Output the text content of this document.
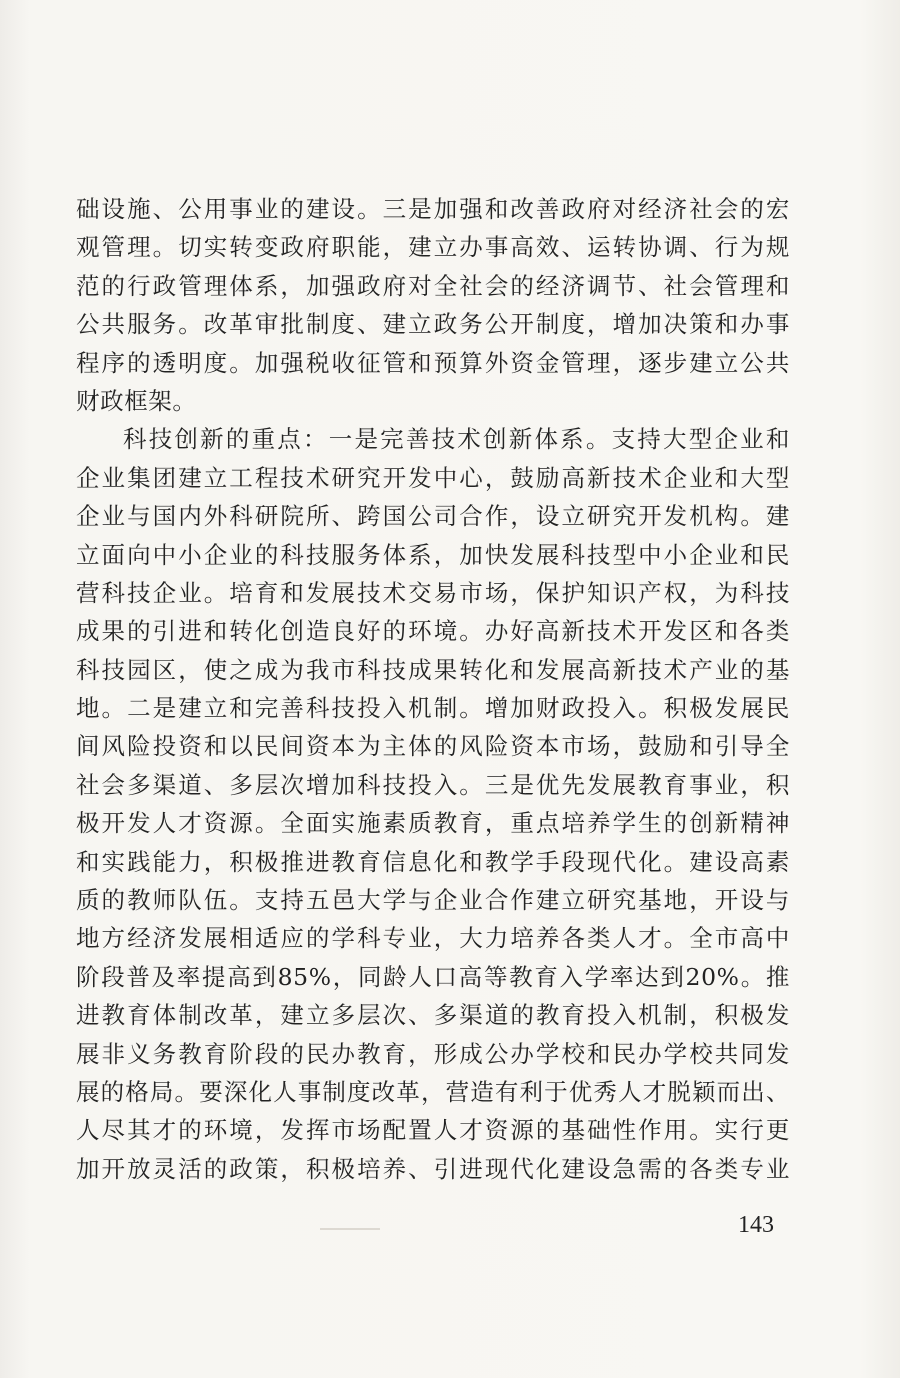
础设施、公用事业的建设。三是加强和改善政府对经济社会的宏
观管理。切实转变政府职能，建立办事高效、运转协调、行为规
范的行政管理体系，加强政府对全社会的经济调节、社会管理和
公共服务。改革审批制度、建立政务公开制度，增加决策和办事
程序的透明度。加强税收征管和预算外资金管理，逐步建立公共
财政框架。
科技创新的重点：一是完善技术创新体系。支持大型企业和
企业集团建立工程技术研究开发中心，鼓励高新技术企业和大型
企业与国内外科研院所、跨国公司合作，设立研究开发机构。建
立面向中小企业的科技服务体系，加快发展科技型中小企业和民
营科技企业。培育和发展技术交易市场，保护知识产权，为科技
成果的引进和转化创造良好的环境。办好高新技术开发区和各类
科技园区，使之成为我市科技成果转化和发展高新技术产业的基
地。二是建立和完善科技投入机制。增加财政投入。积极发展民
间风险投资和以民间资本为主体的风险资本市场，鼓励和引导全
社会多渠道、多层次增加科技投入。三是优先发展教育事业，积
极开发人才资源。全面实施素质教育，重点培养学生的创新精神
和实践能力，积极推进教育信息化和教学手段现代化。建设高素
质的教师队伍。支持五邑大学与企业合作建立研究基地，开设与
地方经济发展相适应的学科专业，大力培养各类人才。全市高中
阶段普及率提高到85%，同龄人口高等教育入学率达到20%。推
进教育体制改革，建立多层次、多渠道的教育投入机制，积极发
展非义务教育阶段的民办教育，形成公办学校和民办学校共同发
展的格局。要深化人事制度改革，营造有利于优秀人才脱颖而出、
人尽其才的环境，发挥市场配置人才资源的基础性作用。实行更
加开放灵活的政策，积极培养、引进现代化建设急需的各类专业
143
